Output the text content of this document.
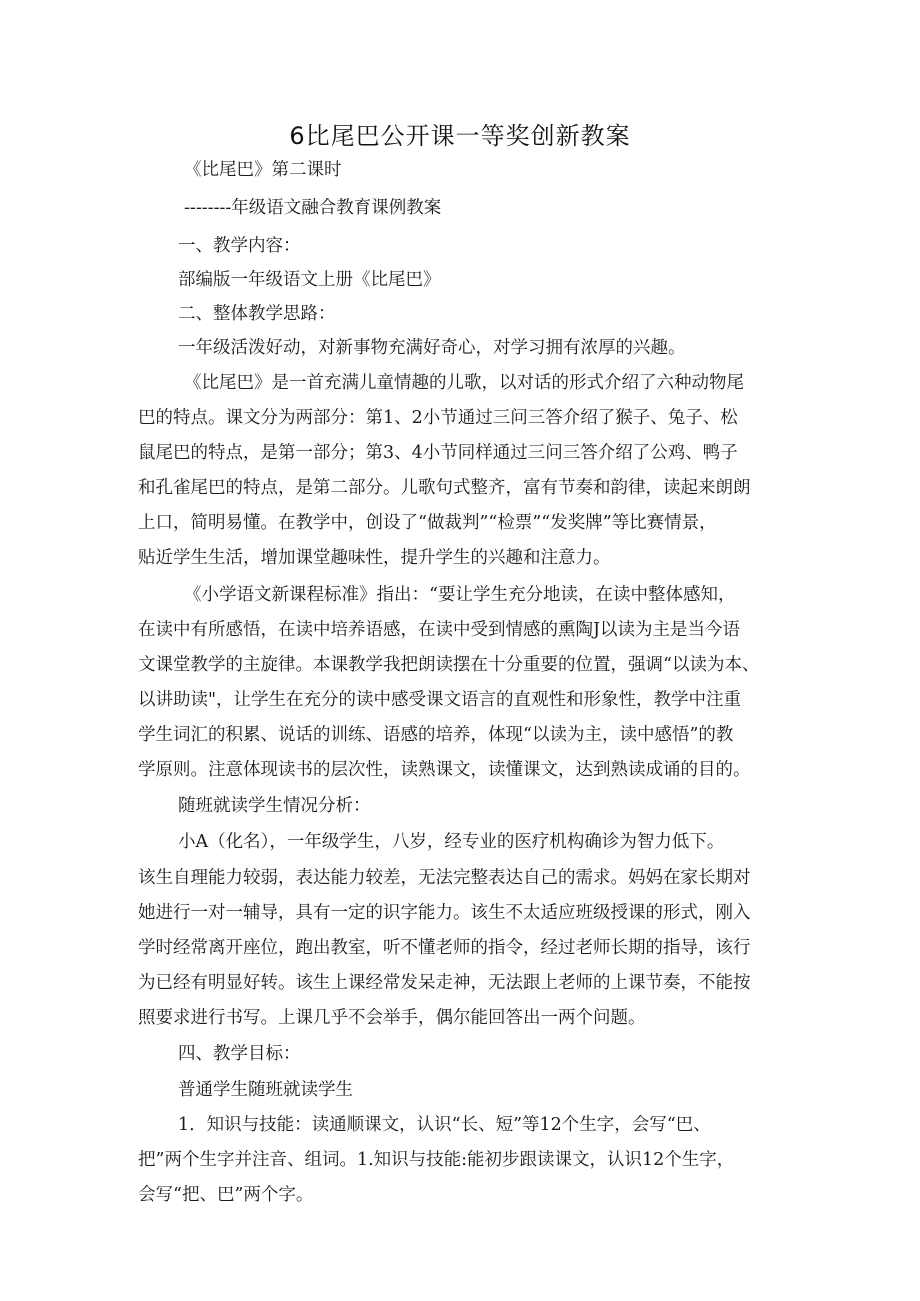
6比尾巴公开课一等奖创新教案
《比尾巴》第二课时
--------年级语文融合教育课例教案
一、教学内容：
部编版一年级语文上册《比尾巴》
二、整体教学思路：
一年级活泼好动，对新事物充满好奇心，对学习拥有浓厚的兴趣。
《比尾巴》是一首充满儿童情趣的儿歌，以对话的形式介绍了六种动物尾
巴的特点。课文分为两部分：第1、2小节通过三问三答介绍了猴子、兔子、松
鼠尾巴的特点，是第一部分；第3、4小节同样通过三问三答介绍了公鸡、鸭子
和孔雀尾巴的特点，是第二部分。儿歌句式整齐，富有节奏和韵律，读起来朗朗
上口，简明易懂。在教学中，创设了“做裁判”“检票”“发奖牌”等比赛情景，
贴近学生生活，增加课堂趣味性，提升学生的兴趣和注意力。
《小学语文新课程标准》指出：“要让学生充分地读，在读中整体感知，
在读中有所感悟，在读中培养语感，在读中受到情感的熏陶J以读为主是当今语
文课堂教学的主旋律。本课教学我把朗读摆在十分重要的位置，强调“以读为本、
以讲助读"，让学生在充分的读中感受课文语言的直观性和形象性，教学中注重
学生词汇的积累、说话的训练、语感的培养，体现“以读为主，读中感悟”的教
学原则。注意体现读书的层次性，读熟课文，读懂课文，达到熟读成诵的目的。
随班就读学生情况分析：
小A（化名），一年级学生，八岁，经专业的医疗机构确诊为智力低下。
该生自理能力较弱，表达能力较差，无法完整表达自己的需求。妈妈在家长期对
她进行一对一辅导，具有一定的识字能力。该生不太适应班级授课的形式，刚入
学时经常离开座位，跑出教室，听不懂老师的指令，经过老师长期的指导，该行
为已经有明显好转。该生上课经常发呆走神，无法跟上老师的上课节奏，不能按
照要求进行书写。上课几乎不会举手，偶尔能回答出一两个问题。
四、教学目标：
普通学生随班就读学生
1．知识与技能：读通顺课文，认识“长、短”等12个生字，会写“巴、
把”两个生字并注音、组词。1.知识与技能:能初步跟读课文，认识12个生字，
会写“把、巴”两个字。
